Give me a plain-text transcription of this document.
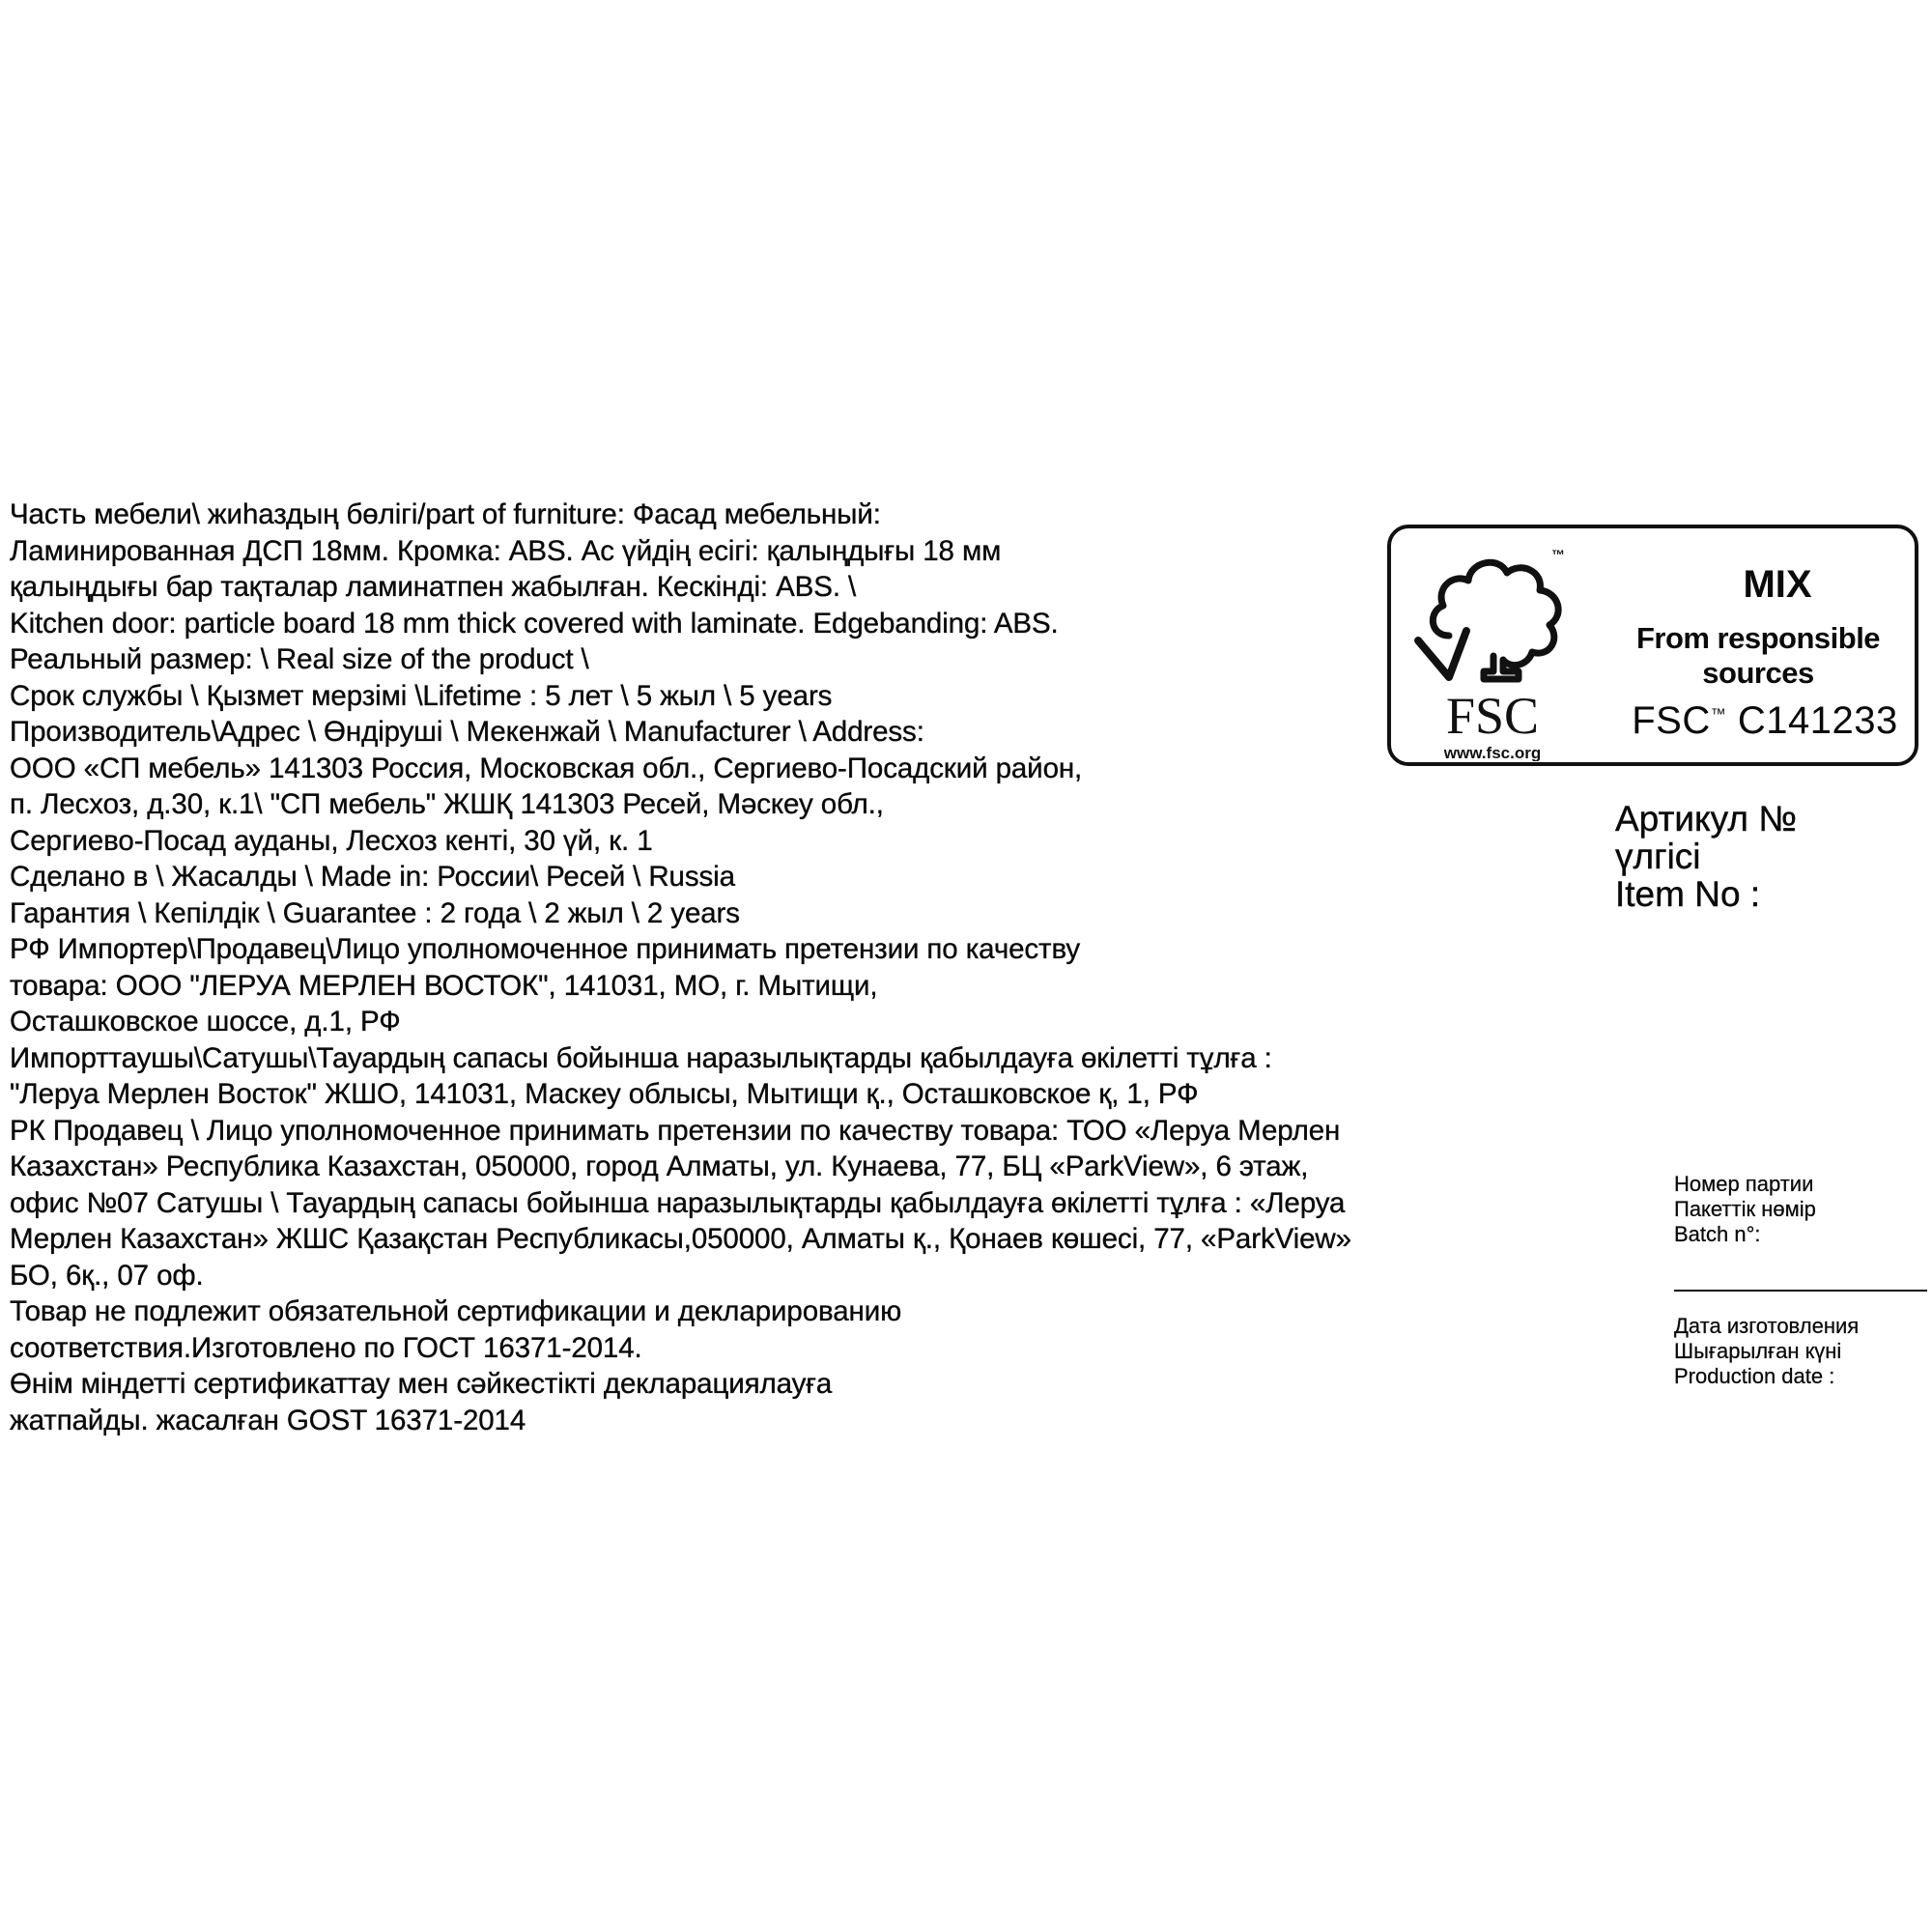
Часть мебели\ жиһаздың бөлігі/part of furniture: Фасад мебельный:
Ламинированная ДСП 18мм. Кромка: ABS. Ас үйдің есігі: қалыңдығы 18 мм
қалыңдығы бар тақталар ламинатпен жабылған. Кескінді: ABS. \
Kitchen door: particle board 18 mm thick covered with laminate. Edgebanding: ABS.
Реальный размер: \ Real size of the product \
Срок службы \ Қызмет мерзімі \Lifetime : 5 лет \ 5 жыл \ 5 years
Производитель\Адрес \ Өндіруші \ Мекенжай \ Manufacturer \ Address:
ООО «СП мебель» 141303 Россия, Московская обл., Сергиево-Посадский район,
п. Лесхоз, д.30, к.1\ "СП мебель" ЖШҚ 141303 Ресей, Мәскеу обл.,
Сергиево-Посад ауданы, Лесхоз кенті, 30 үй, к. 1
Сделано в \ Жасалды \ Made in: России\ Ресей \ Russia
Гарантия \ Кепілдік \ Guarantee : 2 года \ 2 жыл \ 2 years
РФ Импортер\Продавец\Лицо уполномоченное принимать претензии по качеству
товара: ООО "ЛЕРУА МЕРЛЕН ВОСТОК", 141031, МО, г. Мытищи,
Осташковское шоссе, д.1, РФ
Импорттаушы\Сатушы\Тауардың сапасы бойынша наразылықтарды қабылдауға өкілетті тұлға :
"Леруа Мерлен Восток" ЖШО, 141031, Маскеу облысы, Мытищи қ., Осташковское қ, 1, РФ
РК Продавец \ Лицо уполномоченное принимать претензии по качеству товара: ТОО «Леруа Мерлен
Казахстан» Республика Казахстан, 050000, город Алматы, ул. Кунаева, 77, БЦ «ParkView», 6 этаж,
офис №07 Сатушы \ Тауардың сапасы бойынша наразылықтарды қабылдауға өкілетті тұлға : «Леруа
Мерлен Казахстан» ЖШС Қазақстан Республикасы,050000, Алматы қ., Қонаев көшесі, 77, «ParkView»
БО, 6қ., 07 оф.
Товар не подлежит обязательной сертификации и декларированию
соответствия.Изготовлено по ГОСТ 16371-2014.
Өнім міндетті сертификаттау мен сәйкестікті декларациялауға
жатпайды. жасалған GOST 16371-2014
™
FSC
www.fsc.org
MIX
From responsible
sources
FSC™ C141233
Артикул №
үлгісі
Item No :
Номер партии
Пакеттік нөмір
Batch n°:
Дата изготовления
Шығарылған күні
Production date :
